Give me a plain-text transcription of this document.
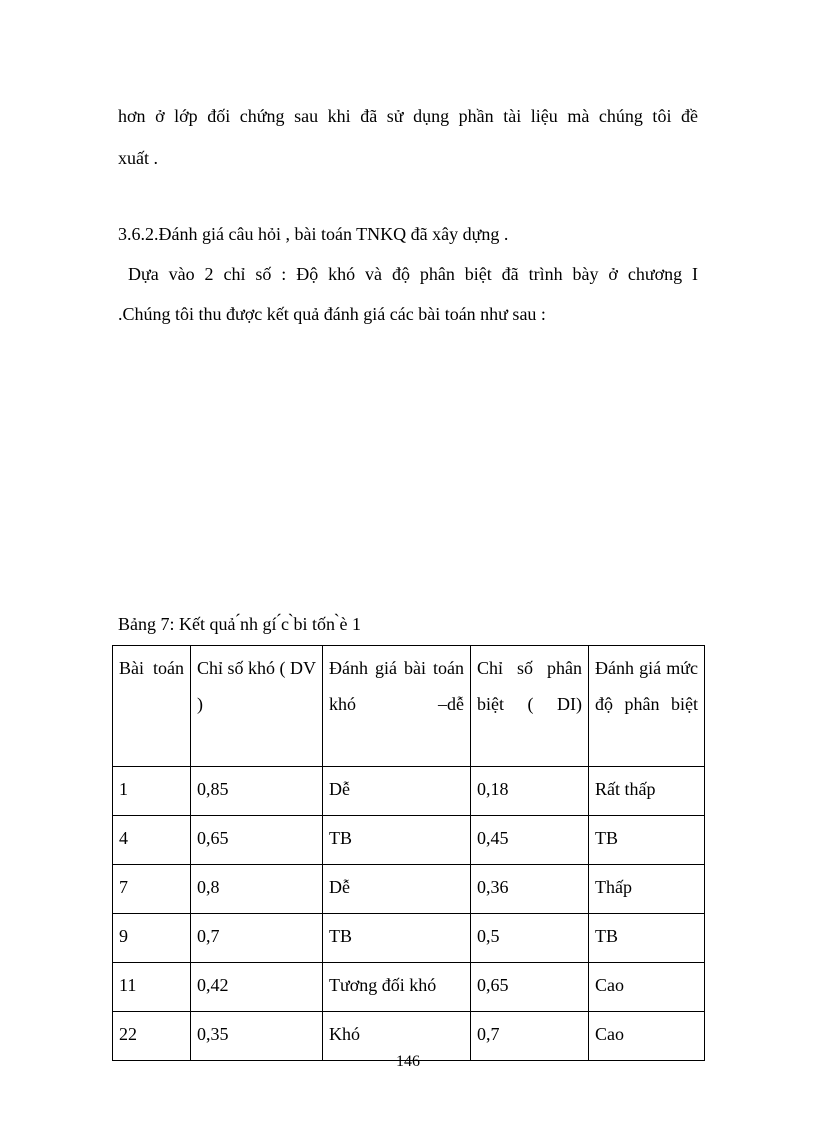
hơn ở lớp đối chứng sau khi đã sử dụng phần tài liệu mà chúng tôi đề

xuất .

3.6.2.Đánh giá câu hỏi , bài toán TNKQ đã xây dựng .

Dựa vào 2 chỉ số : Độ khó và độ phân biệt đã trình bày ở chương I

.Chúng tôi thu được kết quả đánh giá các bài toán như sau :

Bảng 7: Kết quả ́nh gí ́c ̀bi tốn ̀è 1

Bài toán	Chỉ số khó ( DV )	Đánh giá bài toán khó –dễ	Chỉ số phân biệt ( DI)	Đánh giá mức độ phân biệt
1	0,85	Dễ	0,18	Rất thấp
4	0,65	TB	0,45	TB
7	0,8	Dễ	0,36	Thấp
9	0,7	TB	0,5	TB
11	0,42	Tương đối khó	0,65	Cao
22	0,35	Khó	0,7	Cao

146
